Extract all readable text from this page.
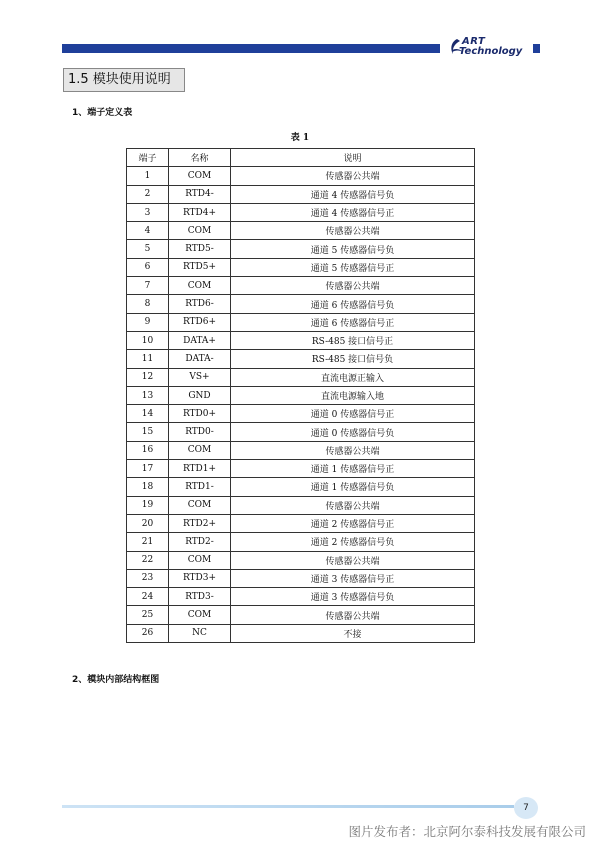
ART
Technology
1.5 模块使用说明
1、端子定义表
表 1
端子	名称	说明
1	COM	传感器公共端
2	RTD4-	通道 4 传感器信号负
3	RTD4+	通道 4 传感器信号正
4	COM	传感器公共端
5	RTD5-	通道 5 传感器信号负
6	RTD5+	通道 5 传感器信号正
7	COM	传感器公共端
8	RTD6-	通道 6 传感器信号负
9	RTD6+	通道 6 传感器信号正
10	DATA+	RS-485 接口信号正
11	DATA-	RS-485 接口信号负
12	VS+	直流电源正输入
13	GND	直流电源输入地
14	RTD0+	通道 0 传感器信号正
15	RTD0-	通道 0 传感器信号负
16	COM	传感器公共端
17	RTD1+	通道 1 传感器信号正
18	RTD1-	通道 1 传感器信号负
19	COM	传感器公共端
20	RTD2+	通道 2 传感器信号正
21	RTD2-	通道 2 传感器信号负
22	COM	传感器公共端
23	RTD3+	通道 3 传感器信号正
24	RTD3-	通道 3 传感器信号负
25	COM	传感器公共端
26	NC	不接
2、模块内部结构框图
7
图片发布者：北京阿尔泰科技发展有限公司
